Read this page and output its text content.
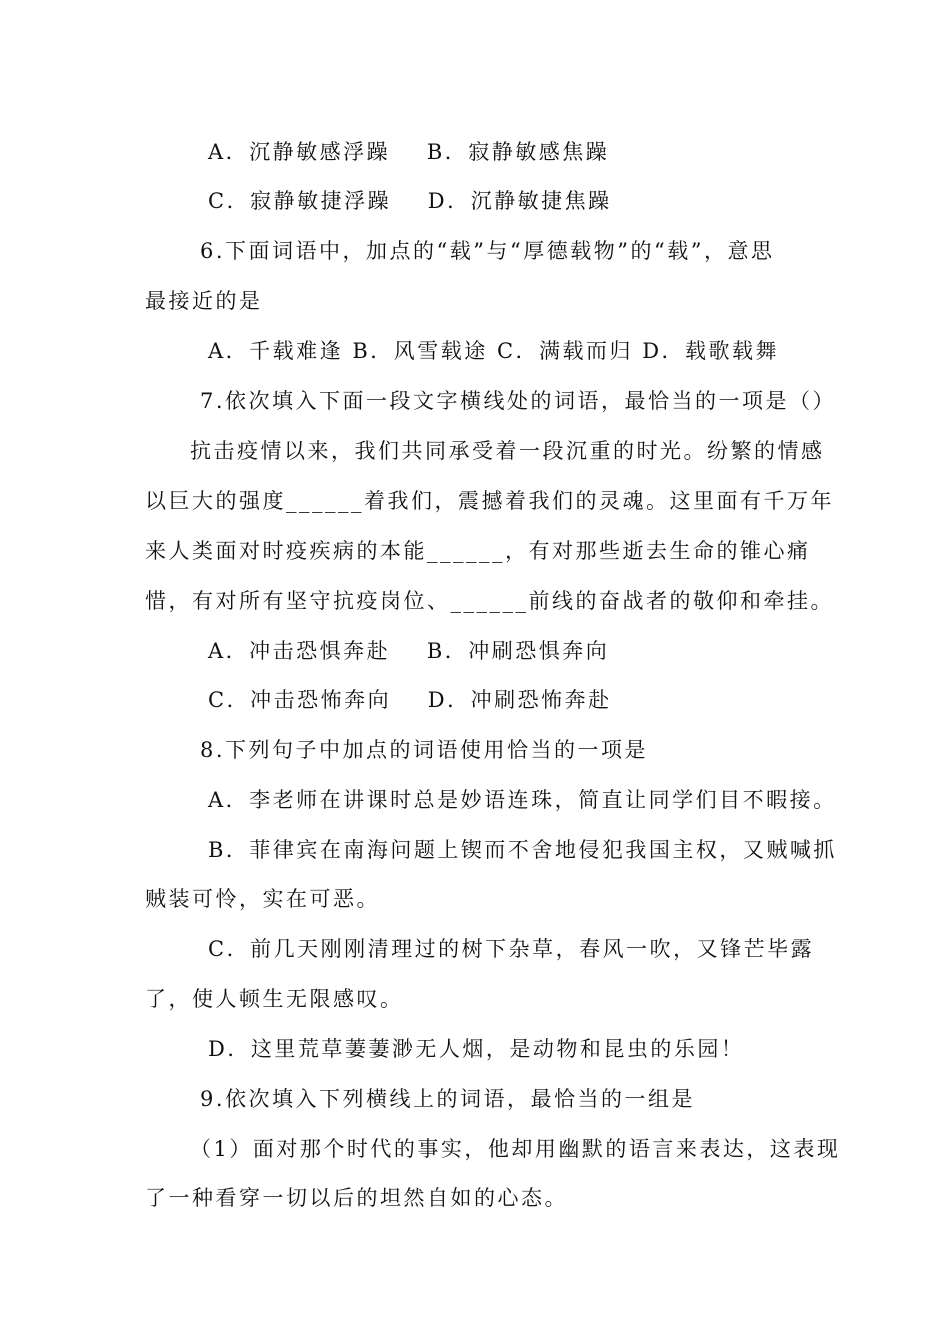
A．沉静敏感浮躁    B．寂静敏感焦躁
C．寂静敏捷浮躁    D．沉静敏捷焦躁
6.下面词语中，加点的“载”与“厚德载物”的“载”，意思
最接近的是
A．千载难逢 B．风雪载途 C．满载而归 D．载歌载舞
7.依次填入下面一段文字横线处的词语，最恰当的一项是（）
抗击疫情以来，我们共同承受着一段沉重的时光。纷繁的情感
以巨大的强度______着我们，震撼着我们的灵魂。这里面有千万年
来人类面对时疫疾病的本能______，有对那些逝去生命的锥心痛
惜，有对所有坚守抗疫岗位、______前线的奋战者的敬仰和牵挂。
A．冲击恐惧奔赴    B．冲刷恐惧奔向
C．冲击恐怖奔向    D．冲刷恐怖奔赴
8.下列句子中加点的词语使用恰当的一项是
A．李老师在讲课时总是妙语连珠，简直让同学们目不暇接。
B．菲律宾在南海问题上锲而不舍地侵犯我国主权，又贼喊抓
贼装可怜，实在可恶。
C．前几天刚刚清理过的树下杂草，春风一吹，又锋芒毕露
了，使人顿生无限感叹。
D．这里荒草萋萋渺无人烟，是动物和昆虫的乐园！
9.依次填入下列横线上的词语，最恰当的一组是
（1）面对那个时代的事实，他却用幽默的语言来表达，这表现
了一种看穿一切以后的坦然自如的心态。
